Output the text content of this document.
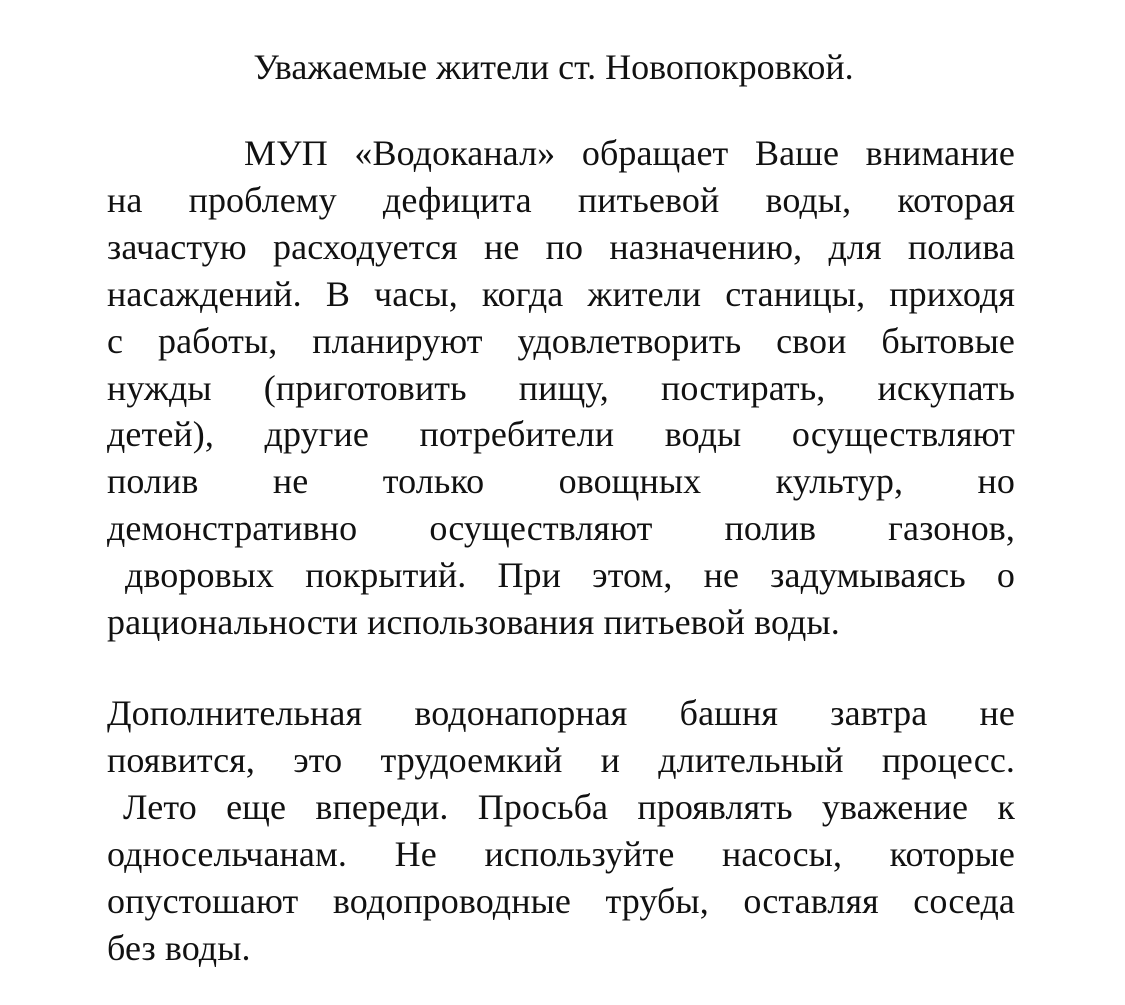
Уважаемые жители ст. Новопокровкой.
МУП «Водоканал» обращает Ваше внимание
на проблему дефицита питьевой воды, которая
зачастую расходуется не по назначению, для полива
насаждений. В часы, когда жители станицы, приходя
с работы, планируют удовлетворить свои бытовые
нужды (приготовить пищу, постирать, искупать
детей), другие потребители воды осуществляют
полив не только овощных культур, но
демонстративно осуществляют полив газонов,
дворовых покрытий. При этом, не задумываясь о
рациональности использования питьевой воды.
Дополнительная водонапорная башня завтра не
появится, это трудоемкий и длительный процесс.
Лето еще впереди. Просьба проявлять уважение к
односельчанам. Не используйте насосы, которые
опустошают водопроводные трубы, оставляя соседа
без воды.
